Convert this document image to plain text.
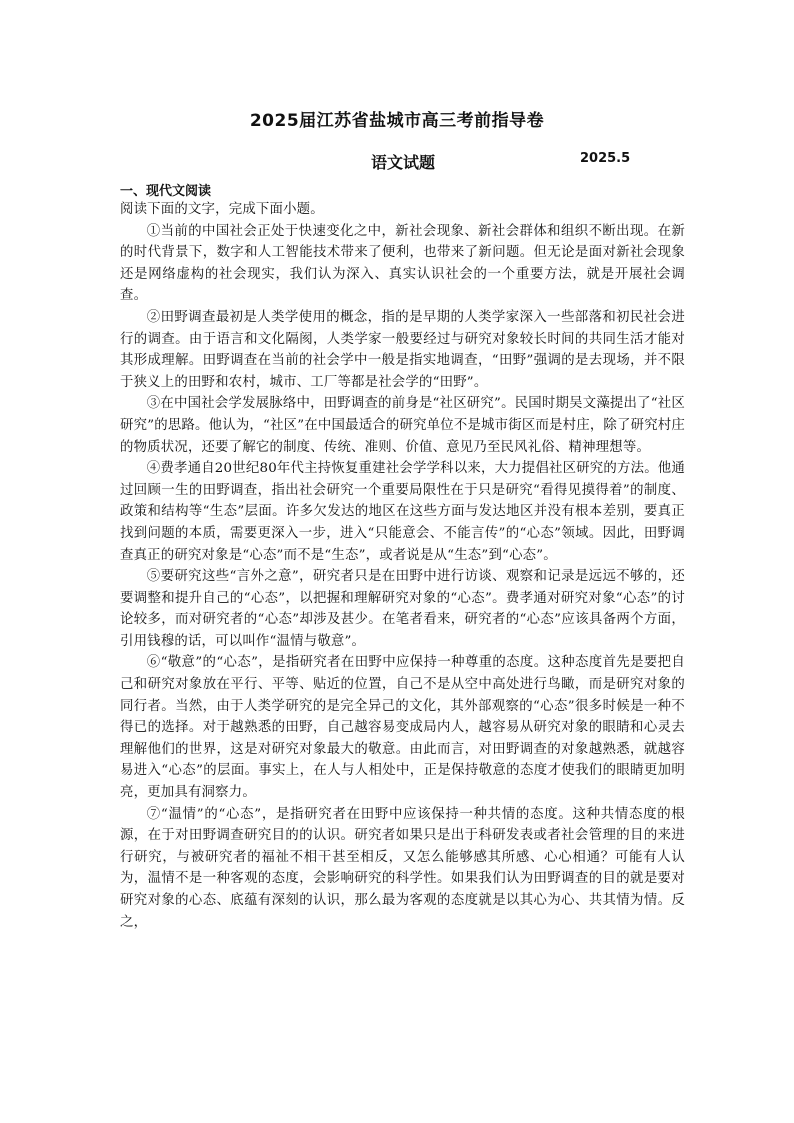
2025届江苏省盐城市高三考前指导卷
语文试题	2025.5
一、现代文阅读

阅读下面的文字，完成下面小题。

①当前的中国社会正处于快速变化之中，新社会现象、新社会群体和组织不断出现。在新的时代背景下，数字和人工智能技术带来了便利，也带来了新问题。但无论是面对新社会现象还是网络虚构的社会现实，我们认为深入、真实认识社会的一个重要方法，就是开展社会调查。

②田野调查最初是人类学使用的概念，指的是早期的人类学家深入一些部落和初民社会进行的调查。由于语言和文化隔阂，人类学家一般要经过与研究对象较长时间的共同生活才能对其形成理解。田野调查在当前的社会学中一般是指实地调查，“田野”强调的是去现场，并不限于狭义上的田野和农村，城市、工厂等都是社会学的“田野”。

③在中国社会学发展脉络中，田野调查的前身是“社区研究”。民国时期吴文藻提出了“社区研究”的思路。他认为，“社区”在中国最适合的研究单位不是城市街区而是村庄，除了研究村庄的物质状况，还要了解它的制度、传统、准则、价值、意见乃至民风礼俗、精神理想等。

④费孝通自20世纪80年代主持恢复重建社会学学科以来，大力提倡社区研究的方法。他通过回顾一生的田野调查，指出社会研究一个重要局限性在于只是研究“看得见摸得着”的制度、政策和结构等“生态”层面。许多欠发达的地区在这些方面与发达地区并没有根本差别，要真正找到问题的本质，需要更深入一步，进入“只能意会、不能言传”的“心态”领域。因此，田野调查真正的研究对象是“心态”而不是“生态”，或者说是从“生态”到“心态”。

⑤要研究这些“言外之意”，研究者只是在田野中进行访谈、观察和记录是远远不够的，还要调整和提升自己的“心态”，以把握和理解研究对象的“心态”。费孝通对研究对象“心态”的讨论较多，而对研究者的“心态”却涉及甚少。在笔者看来，研究者的“心态”应该具备两个方面，引用钱穆的话，可以叫作“温情与敬意”。

⑥“敬意”的“心态”，是指研究者在田野中应保持一种尊重的态度。这种态度首先是要把自己和研究对象放在平行、平等、贴近的位置，自己不是从空中高处进行鸟瞰，而是研究对象的同行者。当然，由于人类学研究的是完全异己的文化，其外部观察的“心态”很多时候是一种不得已的选择。对于越熟悉的田野，自己越容易变成局内人，越容易从研究对象的眼睛和心灵去理解他们的世界，这是对研究对象最大的敬意。由此而言，对田野调查的对象越熟悉，就越容易进入“心态”的层面。事实上，在人与人相处中，正是保持敬意的态度才使我们的眼睛更加明亮，更加具有洞察力。

⑦“温情”的“心态”，是指研究者在田野中应该保持一种共情的态度。这种共情态度的根源，在于对田野调查研究目的的认识。研究者如果只是出于科研发表或者社会管理的目的来进行研究，与被研究者的福祉不相干甚至相反，又怎么能够感其所感、心心相通？可能有人认为，温情不是一种客观的态度，会影响研究的科学性。如果我们认为田野调查的目的就是要对研究对象的心态、底蕴有深刻的认识，那么最为客观的态度就是以其心为心、共其情为情。反之，
